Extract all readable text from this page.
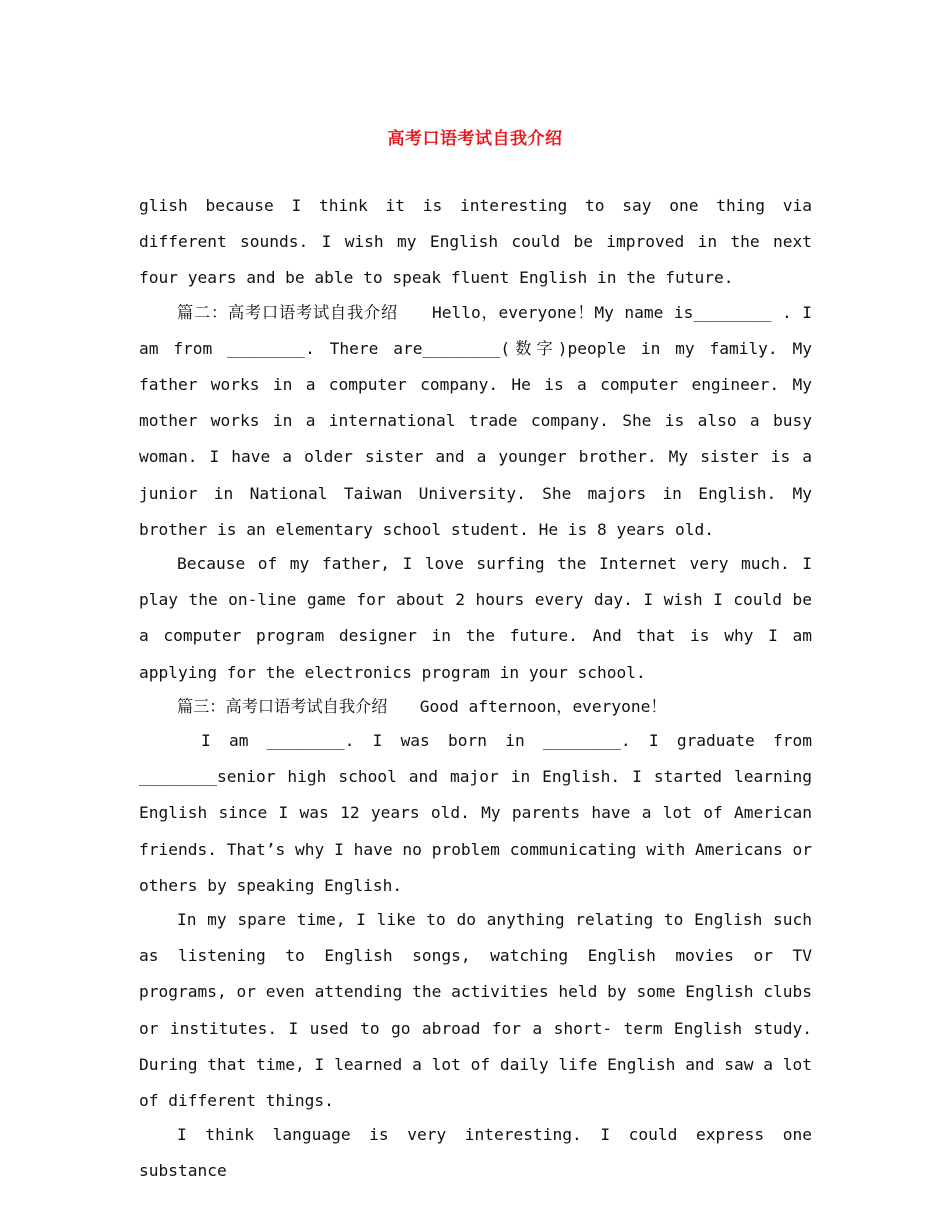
高考口语考试自我介绍

glish because I think it is interesting to say one thing via different sounds. I wish my English could be improved in the next four years and be able to speak fluent English in the future.

篇二：高考口语考试自我介绍　　Hello，everyone！My name is________ . I am from ________. There are________(数字)people in my family. My father works in a computer company. He is a computer engineer. My mother works in a international trade company. She is also a busy woman. I have a older sister and a younger brother. My sister is a junior in National Taiwan University. She majors in English. My brother is an elementary school student. He is 8 years old.

Because of my father, I love surfing the Internet very much. I play the on-line game for about 2 hours every day. I wish I could be a computer program designer in the future. And that is why I am applying for the electronics program in your school.

篇三：高考口语考试自我介绍　　Good afternoon，everyone！

I am ________. I was born in ________. I graduate from ________senior high school and major in English. I started learning English since I was 12 years old. My parents have a lot of American friends. That’s why I have no problem communicating with Americans or others by speaking English.

In my spare time, I like to do anything relating to English such as listening to English songs, watching English movies or TV programs, or even attending the activities held by some English clubs or institutes. I used to go abroad for a short- term English study. During that time, I learned a lot of daily life English and saw a lot of different things.

I think language is very interesting. I could express one substance
